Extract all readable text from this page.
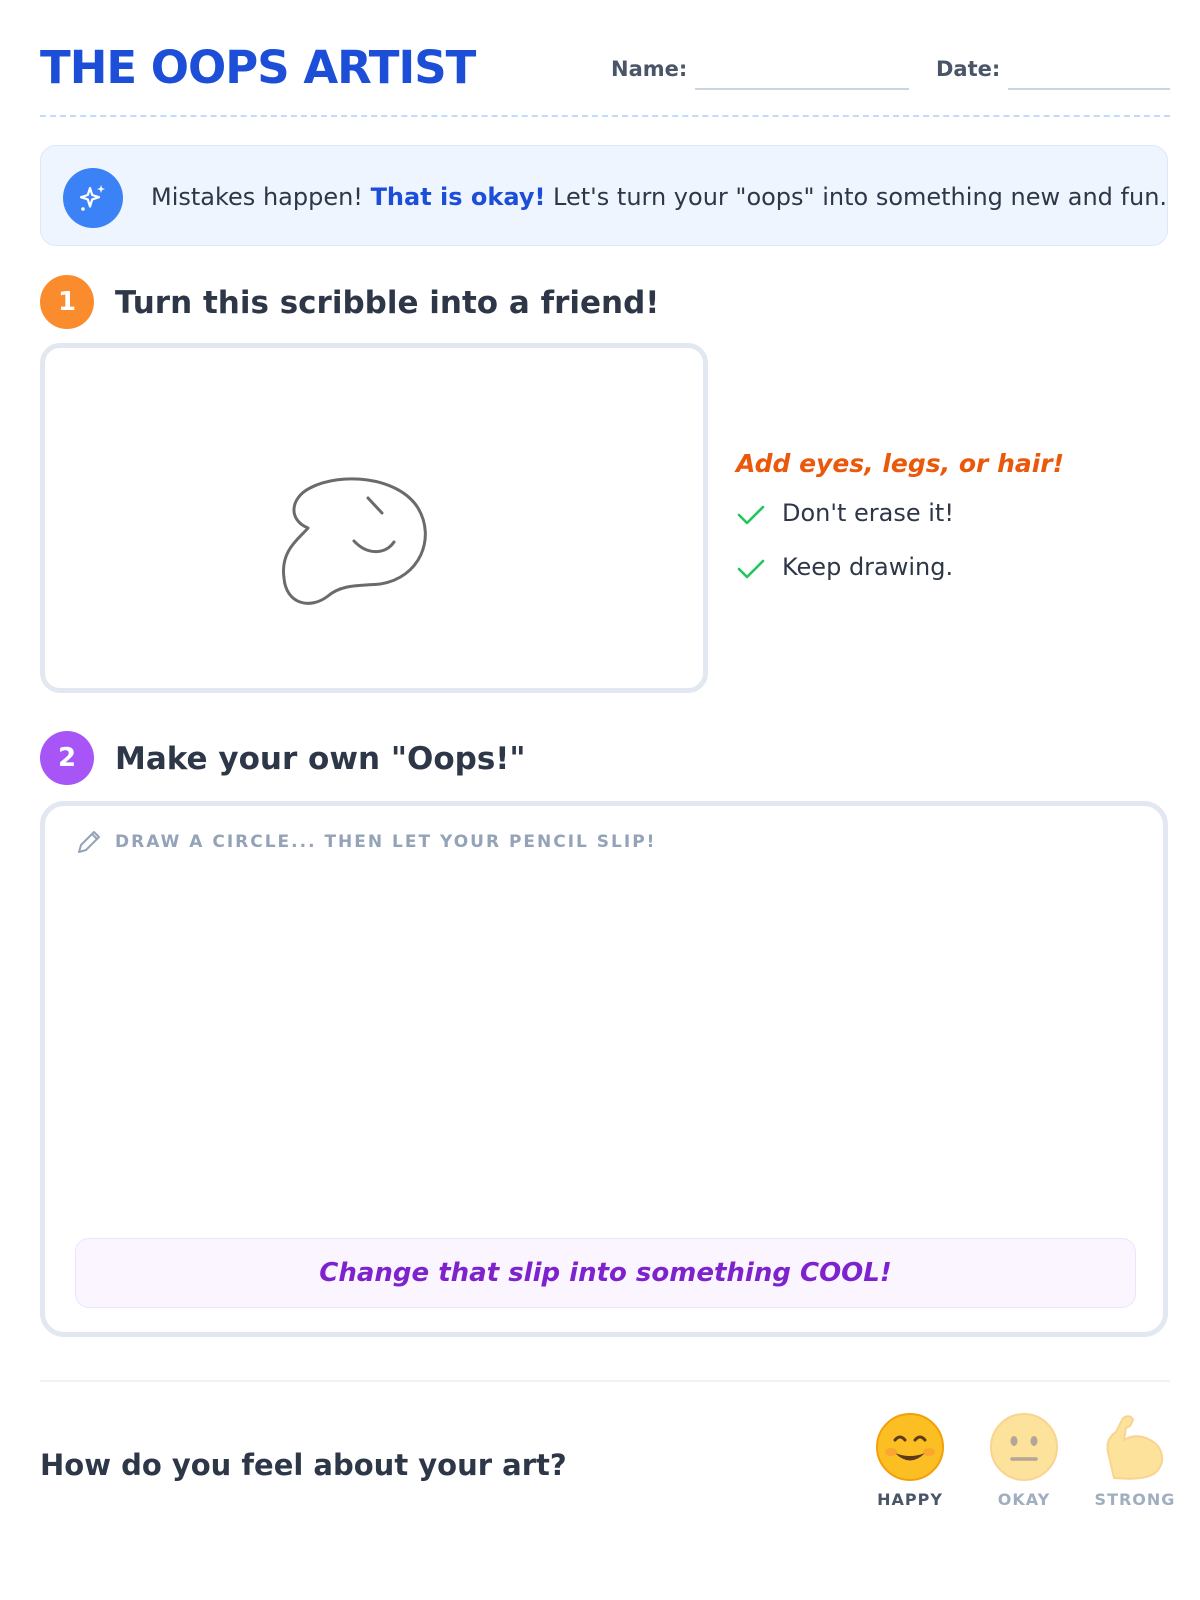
THE OOPS ARTIST	Name:	Date:
Mistakes happen! That is okay! Let's turn your "oops" into something new and fun.
1	Turn this scribble into a friend!
Add eyes, legs, or hair!
Don't erase it!
Keep drawing.
2	Make your own "Oops!"
DRAW A CIRCLE... THEN LET YOUR PENCIL SLIP!
Change that slip into something COOL!
How do you feel about your art?
HAPPY	OKAY	STRONG
